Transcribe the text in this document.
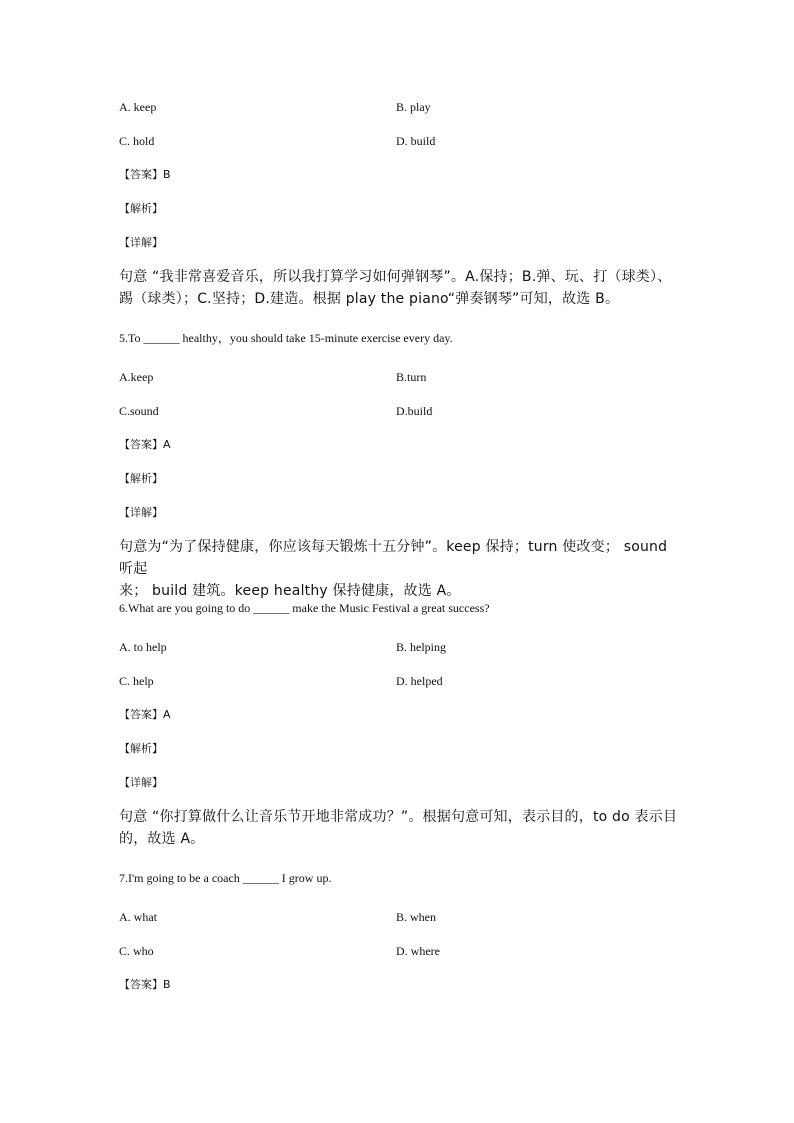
A. keep	B. play
C. hold	D. build
【答案】B
【解析】
【详解】
句意 “我非常喜爱音乐，所以我打算学习如何弹钢琴”。A.保持；B.弹、玩、打（球类）、
踢（球类）；C.坚持；D.建造。根据 play the piano“弹奏钢琴”可知，故选 B。
5.To ______ healthy，you should take 15-minute exercise every day.
A.keep	B.turn
C.sound	D.build
【答案】A
【解析】
【详解】
句意为“为了保持健康，你应该每天锻炼十五分钟”。keep 保持；turn 使改变； sound 听起
来； build 建筑。keep healthy 保持健康，故选 A。
6.What are you going to do ______ make the Music Festival a great success?
A. to help	B. helping
C. help	D. helped
【答案】A
【解析】
【详解】
句意 “你打算做什么让音乐节开地非常成功？”。根据句意可知，表示目的，to do 表示目
的，故选 A。
7.I'm going to be a coach ______ I grow up.
A. what	B. when
C. who	D. where
【答案】B
